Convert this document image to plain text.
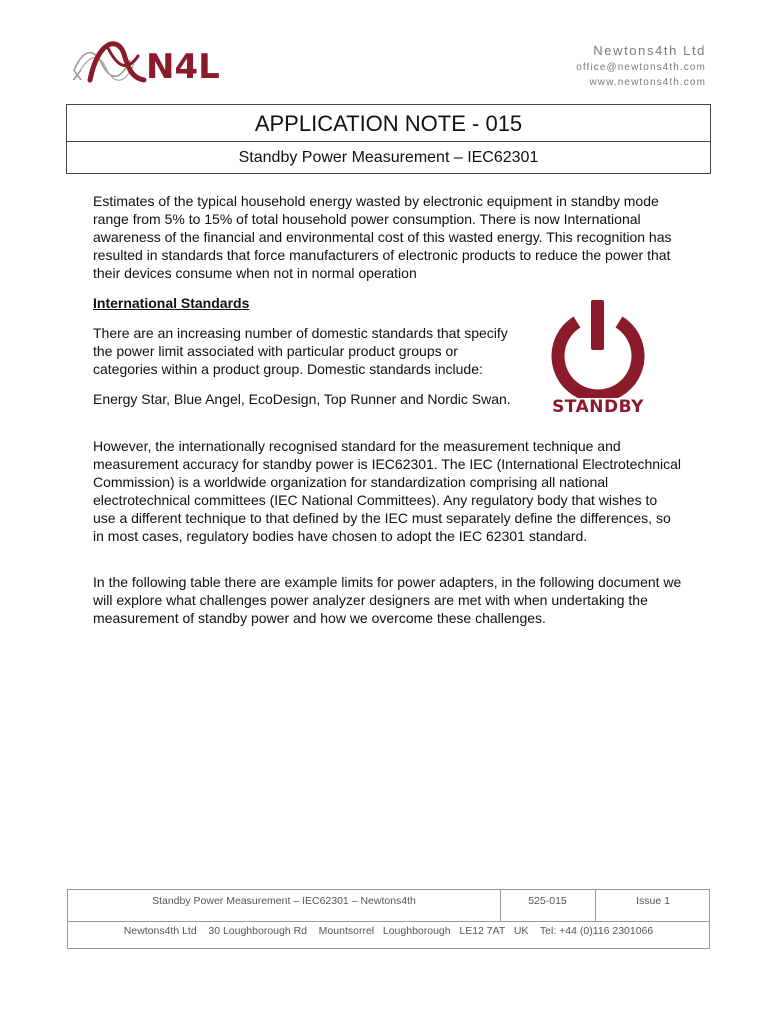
x N4L	Newtons4th Ltd
office@newtons4th.com
www.newtons4th.com
APPLICATION NOTE - 015
Standby Power Measurement – IEC62301

Estimates of the typical household energy wasted by electronic equipment in standby mode range from 5% to 15% of total household power consumption. There is now International awareness of the financial and environmental cost of this wasted energy. This recognition has resulted in standards that force manufacturers of electronic products to reduce the power that their devices consume when not in normal operation

International Standards

There are an increasing number of domestic standards that specify the power limit associated with particular product groups or categories within a product group. Domestic standards include:

Energy Star, Blue Angel, EcoDesign, Top Runner and Nordic Swan.

However, the internationally recognised standard for the measurement technique and measurement accuracy for standby power is IEC62301. The IEC (International Electrotechnical Commission) is a worldwide organization for standardization comprising all national electrotechnical committees (IEC National Committees). Any regulatory body that wishes to use a different technique to that defined by the IEC must separately define the differences, so in most cases, regulatory bodies have chosen to adopt the IEC 62301 standard.

In the following table there are example limits for power adapters, in the following document we will explore what challenges power analyzer designers are met with when undertaking the measurement of standby power and how we overcome these challenges.

STANDBY
Standby Power Measurement – IEC62301 – Newtons4th	525-015	Issue 1
Newtons4th Ltd    30 Loughborough Rd    Mountsorrel   Loughborough   LE12 7AT   UK    Tel: +44 (0)116 2301066
